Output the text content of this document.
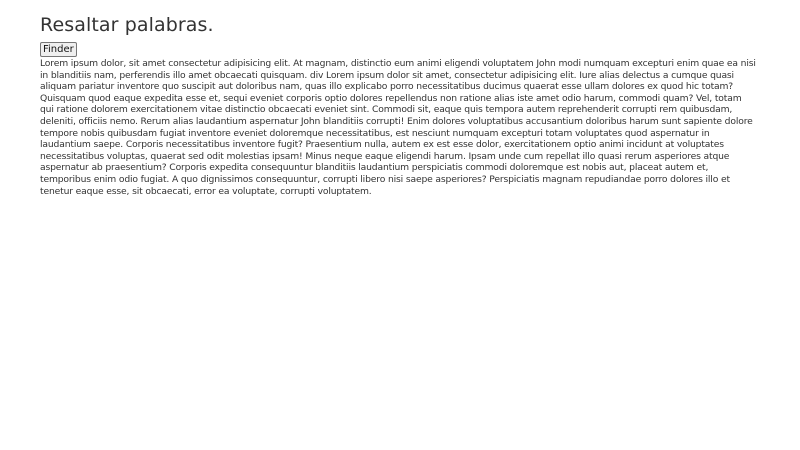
Resaltar palabras.
Finder

Lorem ipsum dolor, sit amet consectetur adipisicing elit. At magnam, distinctio eum animi eligendi voluptatem John modi numquam excepturi enim quae ea nisi in blanditiis nam, perferendis illo amet obcaecati quisquam. div Lorem ipsum dolor sit amet, consectetur adipisicing elit. Iure alias delectus a cumque quasi aliquam pariatur inventore quo suscipit aut doloribus nam, quas illo explicabo porro necessitatibus ducimus quaerat esse ullam dolores ex quod hic totam? Quisquam quod eaque expedita esse et, sequi eveniet corporis optio dolores repellendus non ratione alias iste amet odio harum, commodi quam? Vel, totam qui ratione dolorem exercitationem vitae distinctio obcaecati eveniet sint. Commodi sit, eaque quis tempora autem reprehenderit corrupti rem quibusdam, deleniti, officiis nemo. Rerum alias laudantium aspernatur John blanditiis corrupti! Enim dolores voluptatibus accusantium doloribus harum sunt sapiente dolore tempore nobis quibusdam fugiat inventore eveniet doloremque necessitatibus, est nesciunt numquam excepturi totam voluptates quod aspernatur in laudantium saepe. Corporis necessitatibus inventore fugit? Praesentium nulla, autem ex est esse dolor, exercitationem optio animi incidunt at voluptates necessitatibus voluptas, quaerat sed odit molestias ipsam! Minus neque eaque eligendi harum. Ipsam unde cum repellat illo quasi rerum asperiores atque aspernatur ab praesentium? Corporis expedita consequuntur blanditiis laudantium perspiciatis commodi doloremque est nobis aut, placeat autem et, temporibus enim odio fugiat. A quo dignissimos consequuntur, corrupti libero nisi saepe asperiores? Perspiciatis magnam repudiandae porro dolores illo et tenetur eaque esse, sit obcaecati, error ea voluptate, corrupti voluptatem.
